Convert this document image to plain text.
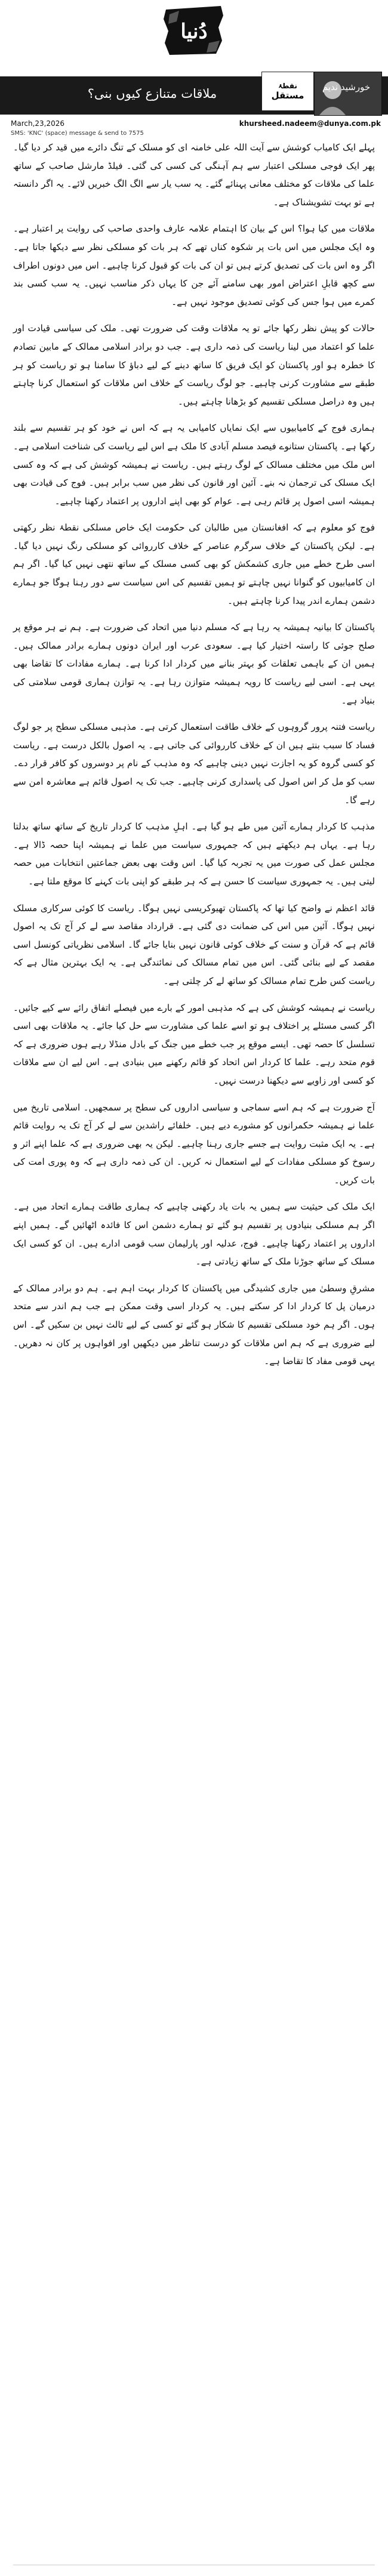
دُنیا
ملاقات متنازع کیوں بنی؟
نقطۂ
مستقل
خورشید ندیم
March,23,2026	khursheed.nadeem@dunya.com.pk
SMS: 'KNC' (space) message & send to 7575

پہلے ایک کامیاب کوشش سے آیت اللہ علی خامنہ ای کو مسلک کے تنگ دائرے میں قید کر دیا گیا۔ پھر ایک فوجی مسلکی اعتبار سے ہم آہنگی کی کسی کی گئی۔ فیلڈ مارشل صاحب کے ساتھ علما کی ملاقات کو مختلف معانی پہنائے گئے۔ یہ سب یار سے الگ الگ خبریں لائے۔ یہ اگر دانستہ ہے تو بہت تشویشناک ہے۔

ملاقات میں کیا ہوا؟ اس کے بیان کا اہتمام علامہ عارف واحدی صاحب کی روایت پر اعتبار ہے۔ وہ ایک مجلس میں اس بات پر شکوہ کناں تھے کہ ہر بات کو مسلکی نظر سے دیکھا جاتا ہے۔ اگر وہ اس بات کی تصدیق کرتے ہیں تو ان کی بات کو قبول کرنا چاہیے۔ اس میں دونوں اطراف سے کچھ قابلِ اعتراض امور بھی سامنے آئے جن کا یہاں ذکر مناسب نہیں۔ یہ سب کسی بند کمرے میں ہوا جس کی کوئی تصدیق موجود نہیں ہے۔

حالات کو پیش نظر رکھا جائے تو یہ ملاقات وقت کی ضرورت تھی۔ ملک کی سیاسی قیادت اور علما کو اعتماد میں لینا ریاست کی ذمہ داری ہے۔ جب دو برادر اسلامی ممالک کے مابین تصادم کا خطرہ ہو اور پاکستان کو ایک فریق کا ساتھ دینے کے لیے دباؤ کا سامنا ہو تو ریاست کو ہر طبقے سے مشاورت کرنی چاہیے۔ جو لوگ ریاست کے خلاف اس ملاقات کو استعمال کرنا چاہتے ہیں وہ دراصل مسلکی تقسیم کو بڑھانا چاہتے ہیں۔

ہماری فوج کے کامیابیوں سے ایک نمایاں کامیابی یہ ہے کہ اس نے خود کو ہر تقسیم سے بلند رکھا ہے۔ پاکستان ستانوے فیصد مسلم آبادی کا ملک ہے اس لیے ریاست کی شناخت اسلامی ہے۔ اس ملک میں مختلف مسالک کے لوگ رہتے ہیں۔ ریاست نے ہمیشہ کوشش کی ہے کہ وہ کسی ایک مسلک کی ترجمان نہ بنے۔ آئین اور قانون کی نظر میں سب برابر ہیں۔ فوج کی قیادت بھی ہمیشہ اسی اصول پر قائم رہی ہے۔ عوام کو بھی اپنے اداروں پر اعتماد رکھنا چاہیے۔

فوج کو معلوم ہے کہ افغانستان میں طالبان کی حکومت ایک خاص مسلکی نقطۂ نظر رکھتی ہے۔ لیکن پاکستان کے خلاف سرگرم عناصر کے خلاف کارروائی کو مسلکی رنگ نہیں دیا گیا۔ اسی طرح خطے میں جاری کشمکش کو بھی کسی مسلک کے ساتھ نتھی نہیں کیا گیا۔ اگر ہم ان کامیابیوں کو گنوانا نہیں چاہتے تو ہمیں تقسیم کی اس سیاست سے دور رہنا ہوگا جو ہمارے دشمن ہمارے اندر پیدا کرنا چاہتے ہیں۔

پاکستان کا بیانیہ ہمیشہ یہ رہا ہے کہ مسلم دنیا میں اتحاد کی ضرورت ہے۔ ہم نے ہر موقع پر صلح جوئی کا راستہ اختیار کیا ہے۔ سعودی عرب اور ایران دونوں ہمارے برادر ممالک ہیں۔ ہمیں ان کے باہمی تعلقات کو بہتر بنانے میں کردار ادا کرنا ہے۔ ہمارے مفادات کا تقاضا بھی یہی ہے۔ اسی لیے ریاست کا رویہ ہمیشہ متوازن رہا ہے۔ یہ توازن ہماری قومی سلامتی کی بنیاد ہے۔

ریاست فتنہ پرور گروہوں کے خلاف طاقت استعمال کرتی ہے۔ مذہبی مسلکی سطح پر جو لوگ فساد کا سبب بنتے ہیں ان کے خلاف کارروائی کی جاتی ہے۔ یہ اصول بالکل درست ہے۔ ریاست کو کسی گروہ کو یہ اجازت نہیں دینی چاہیے کہ وہ مذہب کے نام پر دوسروں کو کافر قرار دے۔ سب کو مل کر اس اصول کی پاسداری کرنی چاہیے۔ جب تک یہ اصول قائم ہے معاشرہ امن سے رہے گا۔

مذہب کا کردار ہمارے آئین میں طے ہو گیا ہے۔ اہلِ مذہب کا کردار تاریخ کے ساتھ ساتھ بدلتا رہا ہے۔ یہاں ہم دیکھتے ہیں کہ جمہوری سیاست میں علما نے ہمیشہ اپنا حصہ ڈالا ہے۔ مجلس عمل کی صورت میں یہ تجربہ کیا گیا۔ اس وقت بھی بعض جماعتیں انتخابات میں حصہ لیتی ہیں۔ یہ جمہوری سیاست کا حسن ہے کہ ہر طبقے کو اپنی بات کہنے کا موقع ملتا ہے۔

قائد اعظم نے واضح کیا تھا کہ پاکستان تھیوکریسی نہیں ہوگا۔ ریاست کا کوئی سرکاری مسلک نہیں ہوگا۔ آئین میں اس کی ضمانت دی گئی ہے۔ قرارداد مقاصد سے لے کر آج تک یہ اصول قائم ہے کہ قرآن و سنت کے خلاف کوئی قانون نہیں بنایا جائے گا۔ اسلامی نظریاتی کونسل اسی مقصد کے لیے بنائی گئی۔ اس میں تمام مسالک کی نمائندگی ہے۔ یہ ایک بہترین مثال ہے کہ ریاست کس طرح تمام مسالک کو ساتھ لے کر چلتی ہے۔

ریاست نے ہمیشہ کوشش کی ہے کہ مذہبی امور کے بارے میں فیصلے اتفاق رائے سے کیے جائیں۔ اگر کسی مسئلے پر اختلاف ہو تو اسے علما کی مشاورت سے حل کیا جائے۔ یہ ملاقات بھی اسی تسلسل کا حصہ تھی۔ ایسے موقع پر جب خطے میں جنگ کے بادل منڈلا رہے ہوں ضروری ہے کہ قوم متحد رہے۔ علما کا کردار اس اتحاد کو قائم رکھنے میں بنیادی ہے۔ اس لیے ان سے ملاقات کو کسی اور زاویے سے دیکھنا درست نہیں۔

آج ضرورت ہے کہ ہم اسے سماجی و سیاسی اداروں کی سطح پر سمجھیں۔ اسلامی تاریخ میں علما نے ہمیشہ حکمرانوں کو مشورے دیے ہیں۔ خلفائے راشدین سے لے کر آج تک یہ روایت قائم ہے۔ یہ ایک مثبت روایت ہے جسے جاری رہنا چاہیے۔ لیکن یہ بھی ضروری ہے کہ علما اپنے اثر و رسوخ کو مسلکی مفادات کے لیے استعمال نہ کریں۔ ان کی ذمہ داری ہے کہ وہ پوری امت کی بات کریں۔

ایک ملک کی حیثیت سے ہمیں یہ بات یاد رکھنی چاہیے کہ ہماری طاقت ہمارے اتحاد میں ہے۔ اگر ہم مسلکی بنیادوں پر تقسیم ہو گئے تو ہمارے دشمن اس کا فائدہ اٹھائیں گے۔ ہمیں اپنے اداروں پر اعتماد رکھنا چاہیے۔ فوج، عدلیہ اور پارلیمان سب قومی ادارے ہیں۔ ان کو کسی ایک مسلک کے ساتھ جوڑنا ملک کے ساتھ زیادتی ہے۔

مشرقِ وسطیٰ میں جاری کشیدگی میں پاکستان کا کردار بہت اہم ہے۔ ہم دو برادر ممالک کے درمیان پل کا کردار ادا کر سکتے ہیں۔ یہ کردار اسی وقت ممکن ہے جب ہم اندر سے متحد ہوں۔ اگر ہم خود مسلکی تقسیم کا شکار ہو گئے تو کسی کے لیے ثالث نہیں بن سکیں گے۔ اس لیے ضروری ہے کہ ہم اس ملاقات کو درست تناظر میں دیکھیں اور افواہوں پر کان نہ دھریں۔ یہی قومی مفاد کا تقاضا ہے۔
